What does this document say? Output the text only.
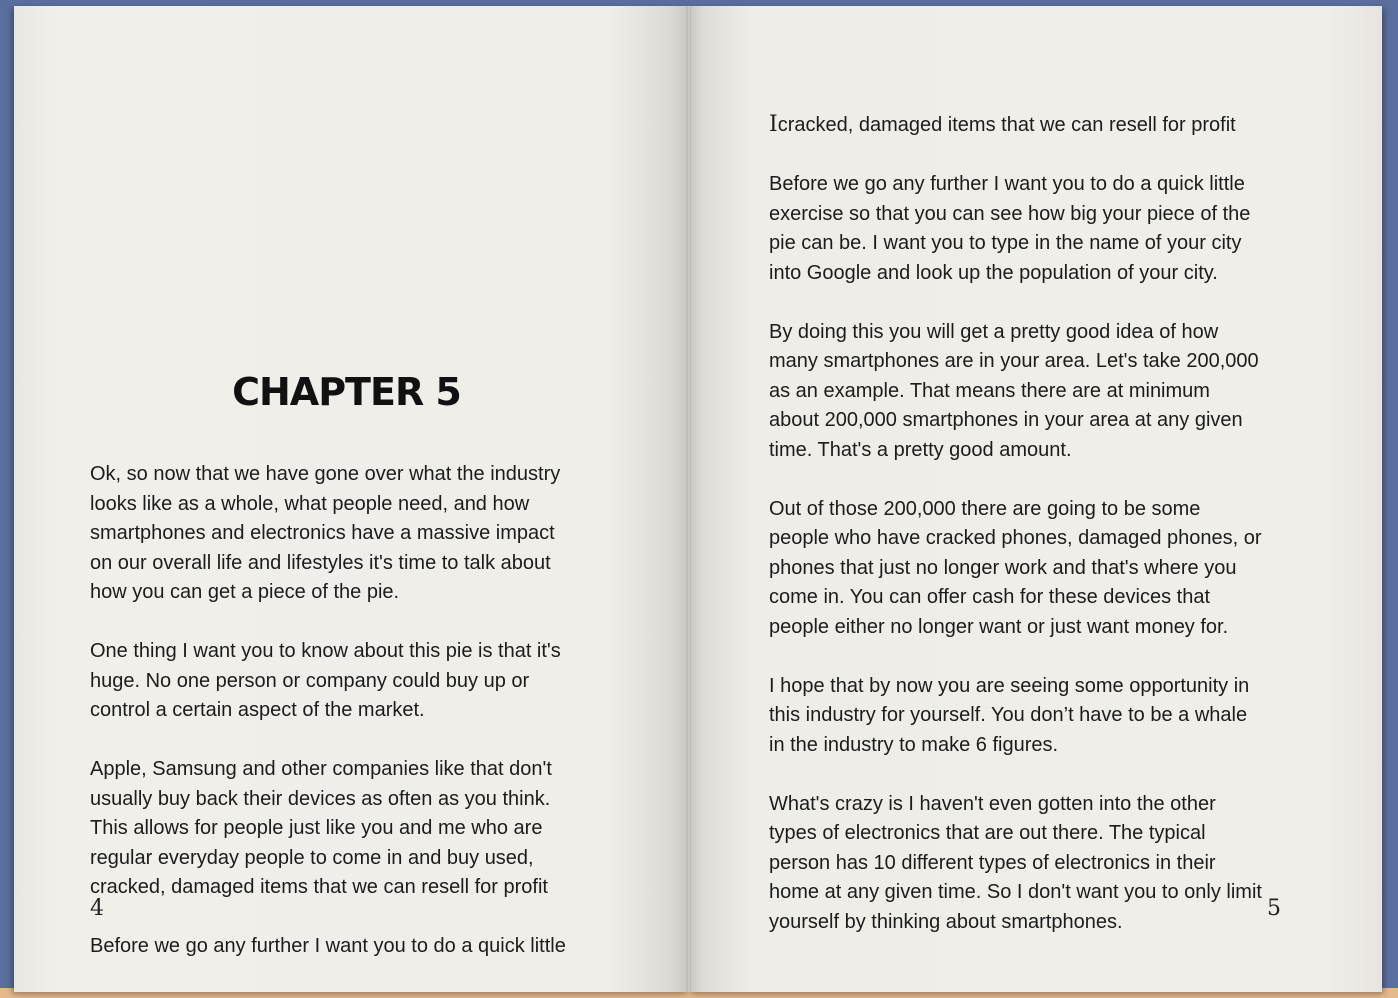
CHAPTER 5

Ok, so now that we have gone over what the industry
looks like as a whole, what people need, and how
smartphones and electronics have a massive impact
on our overall life and lifestyles it's time to talk about
how you can get a piece of the pie.

One thing I want you to know about this pie is that it's
huge. No one person or company could buy up or
control a certain aspect of the market.

Apple, Samsung and other companies like that don't
usually buy back their devices as often as you think.
This allows for people just like you and me who are
regular everyday people to come in and buy used,
cracked, damaged items that we can resell for profit

Before we go any further I want you to do a quick little

4

Icracked, damaged items that we can resell for profit

Before we go any further I want you to do a quick little
exercise so that you can see how big your piece of the
pie can be. I want you to type in the name of your city
into Google and look up the population of your city.

By doing this you will get a pretty good idea of how
many smartphones are in your area. Let's take 200,000
as an example. That means there are at minimum
about 200,000 smartphones in your area at any given
time. That's a pretty good amount.

Out of those 200,000 there are going to be some
people who have cracked phones, damaged phones, or
phones that just no longer work and that's where you
come in. You can offer cash for these devices that
people either no longer want or just want money for.

I hope that by now you are seeing some opportunity in
this industry for yourself. You don’t have to be a whale
in the industry to make 6 figures.

What's crazy is I haven't even gotten into the other
types of electronics that are out there. The typical
person has 10 different types of electronics in their
home at any given time. So I don't want you to only limit
yourself by thinking about smartphones.

5
